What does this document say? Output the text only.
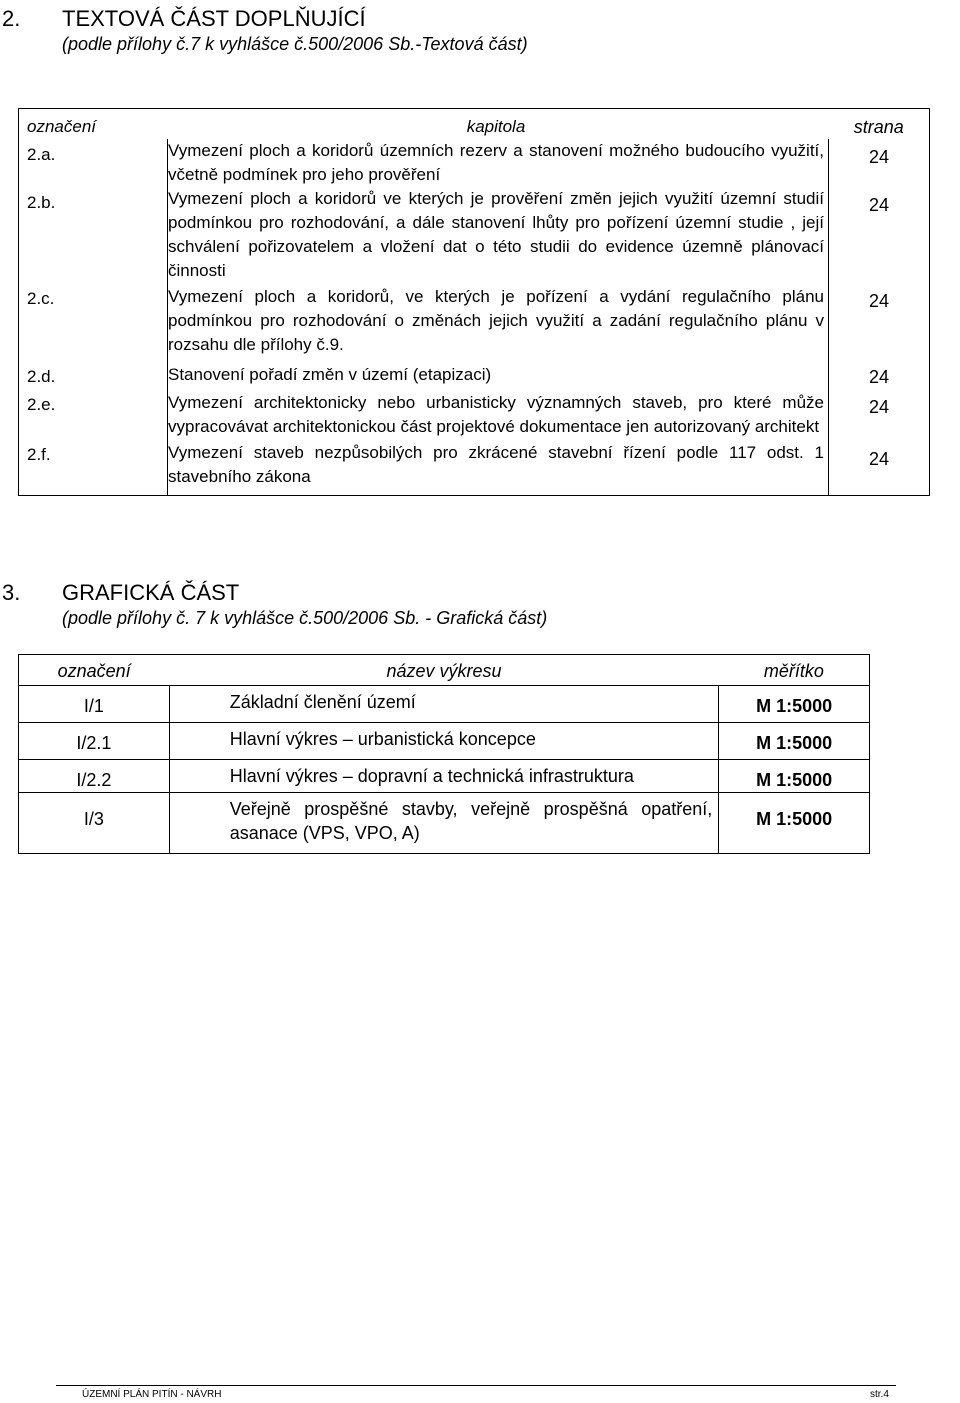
2. TEXTOVÁ ČÁST DOPLŇUJÍCÍ
(podle přílohy č.7 k vyhlášce č.500/2006 Sb.-Textová část)
označení	kapitola	strana
2.a.	Vymezení ploch a koridorů územních rezerv a stanovení možného budoucího využití, včetně podmínek pro jeho prověření	24
2.b.	Vymezení ploch a koridorů ve kterých je prověření změn jejich využití územní studií podmínkou pro rozhodování, a dále stanovení lhůty pro pořízení územní studie , její schválení pořizovatelem a vložení dat o této studii do evidence územně plánovací činnosti	24
2.c.	Vymezení ploch a koridorů, ve kterých je pořízení a vydání regulačního plánu podmínkou pro rozhodování o změnách jejich využití a zadání regulačního plánu v rozsahu dle přílohy č.9.	24
2.d.	Stanovení pořadí změn v území (etapizaci)	24
2.e.	Vymezení architektonicky nebo urbanisticky významných staveb, pro které může vypracovávat architektonickou část projektové dokumentace jen autorizovaný architekt	24
2.f.	Vymezení staveb nezpůsobilých pro zkrácené stavební řízení podle 117 odst. 1 stavebního zákona	24
3. GRAFICKÁ ČÁST
(podle přílohy č. 7 k vyhlášce č.500/2006 Sb. - Grafická část)
označení	název výkresu	měřítko
I/1	Základní členění území	M 1:5000
I/2.1	Hlavní výkres – urbanistická koncepce	M 1:5000
I/2.2	Hlavní výkres – dopravní a technická infrastruktura	M 1:5000
I/3	Veřejně prospěšné stavby, veřejně prospěšná opatření, asanace (VPS, VPO, A)	M 1:5000
ÚZEMNÍ PLÁN PITÍN - NÁVRH	str.4
